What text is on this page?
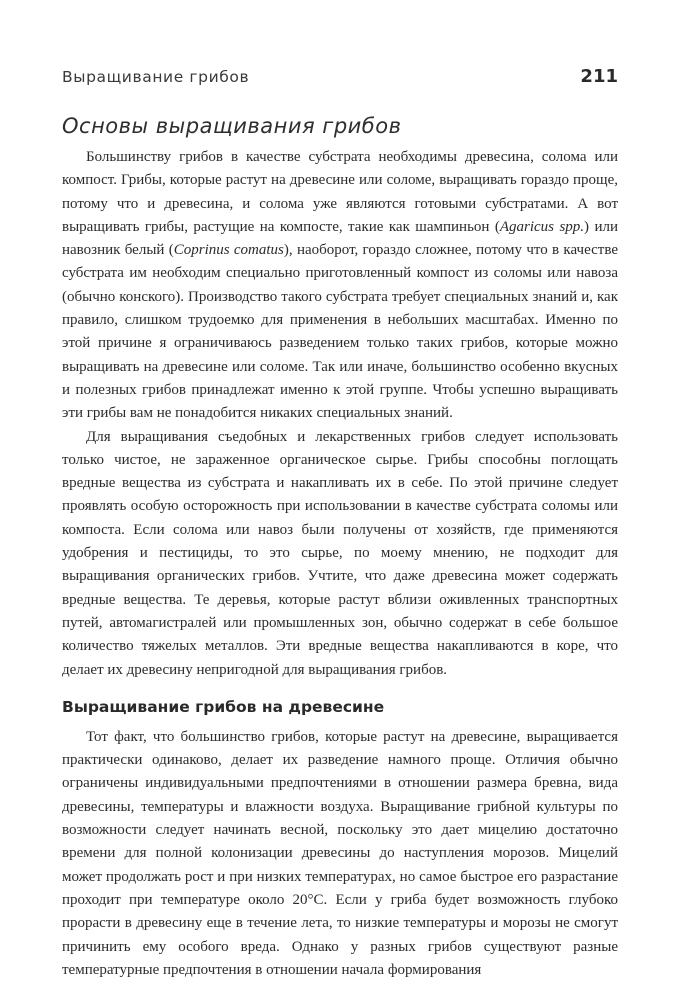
Выращивание грибов	211
Основы выращивания грибов

Большинству грибов в качестве субстрата необходимы древесина, солома или компост. Грибы, которые растут на древесине или соломе, выращивать гораздо проще, потому что и древесина, и солома уже являются готовыми субстратами. А вот выращивать грибы, растущие на компосте, такие как шампиньон (Agaricus spp.) или навозник белый (Coprinus comatus), наоборот, гораздо сложнее, потому что в качестве субстрата им необходим специально приготовленный компост из соломы или навоза (обычно конского). Производство такого субстрата требует специальных знаний и, как правило, слишком трудоемко для применения в небольших масштабах. Именно по этой причине я ограничиваюсь разведением только таких грибов, которые можно выращивать на древесине или соломе. Так или иначе, большинство особенно вкусных и полезных грибов принадлежат именно к этой группе. Чтобы успешно выращивать эти грибы вам не понадобится никаких специальных знаний.

Для выращивания съедобных и лекарственных грибов следует использовать только чистое, не зараженное органическое сырье. Грибы способны поглощать вредные вещества из субстрата и накапливать их в себе. По этой причине следует проявлять особую осторожность при использовании в качестве субстрата соломы или компоста. Если солома или навоз были получены от хозяйств, где применяются удобрения и пестициды, то это сырье, по моему мнению, не подходит для выращивания органических грибов. Учтите, что даже древесина может содержать вредные вещества. Те деревья, которые растут вблизи оживленных транспортных путей, автомагистралей или промышленных зон, обычно содержат в себе большое количество тяжелых металлов. Эти вредные вещества накапливаются в коре, что делает их древесину непригодной для выращивания грибов.

Выращивание грибов на древесине

Тот факт, что большинство грибов, которые растут на древесине, выращивается практически одинаково, делает их разведение намного проще. Отличия обычно ограничены индивидуальными предпочтениями в отношении размера бревна, вида древесины, температуры и влажности воздуха. Выращивание грибной культуры по возможности следует начинать весной, поскольку это дает мицелию достаточно времени для полной колонизации древесины до наступления морозов. Мицелий может продолжать рост и при низких температурах, но самое быстрое его разрастание проходит при температуре около 20°С. Если у гриба будет возможность глубоко прорасти в древесину еще в течение лета, то низкие температуры и морозы не смогут причинить ему особого вреда. Однако у разных грибов существуют разные температурные предпочтения в отношении начала формирования
